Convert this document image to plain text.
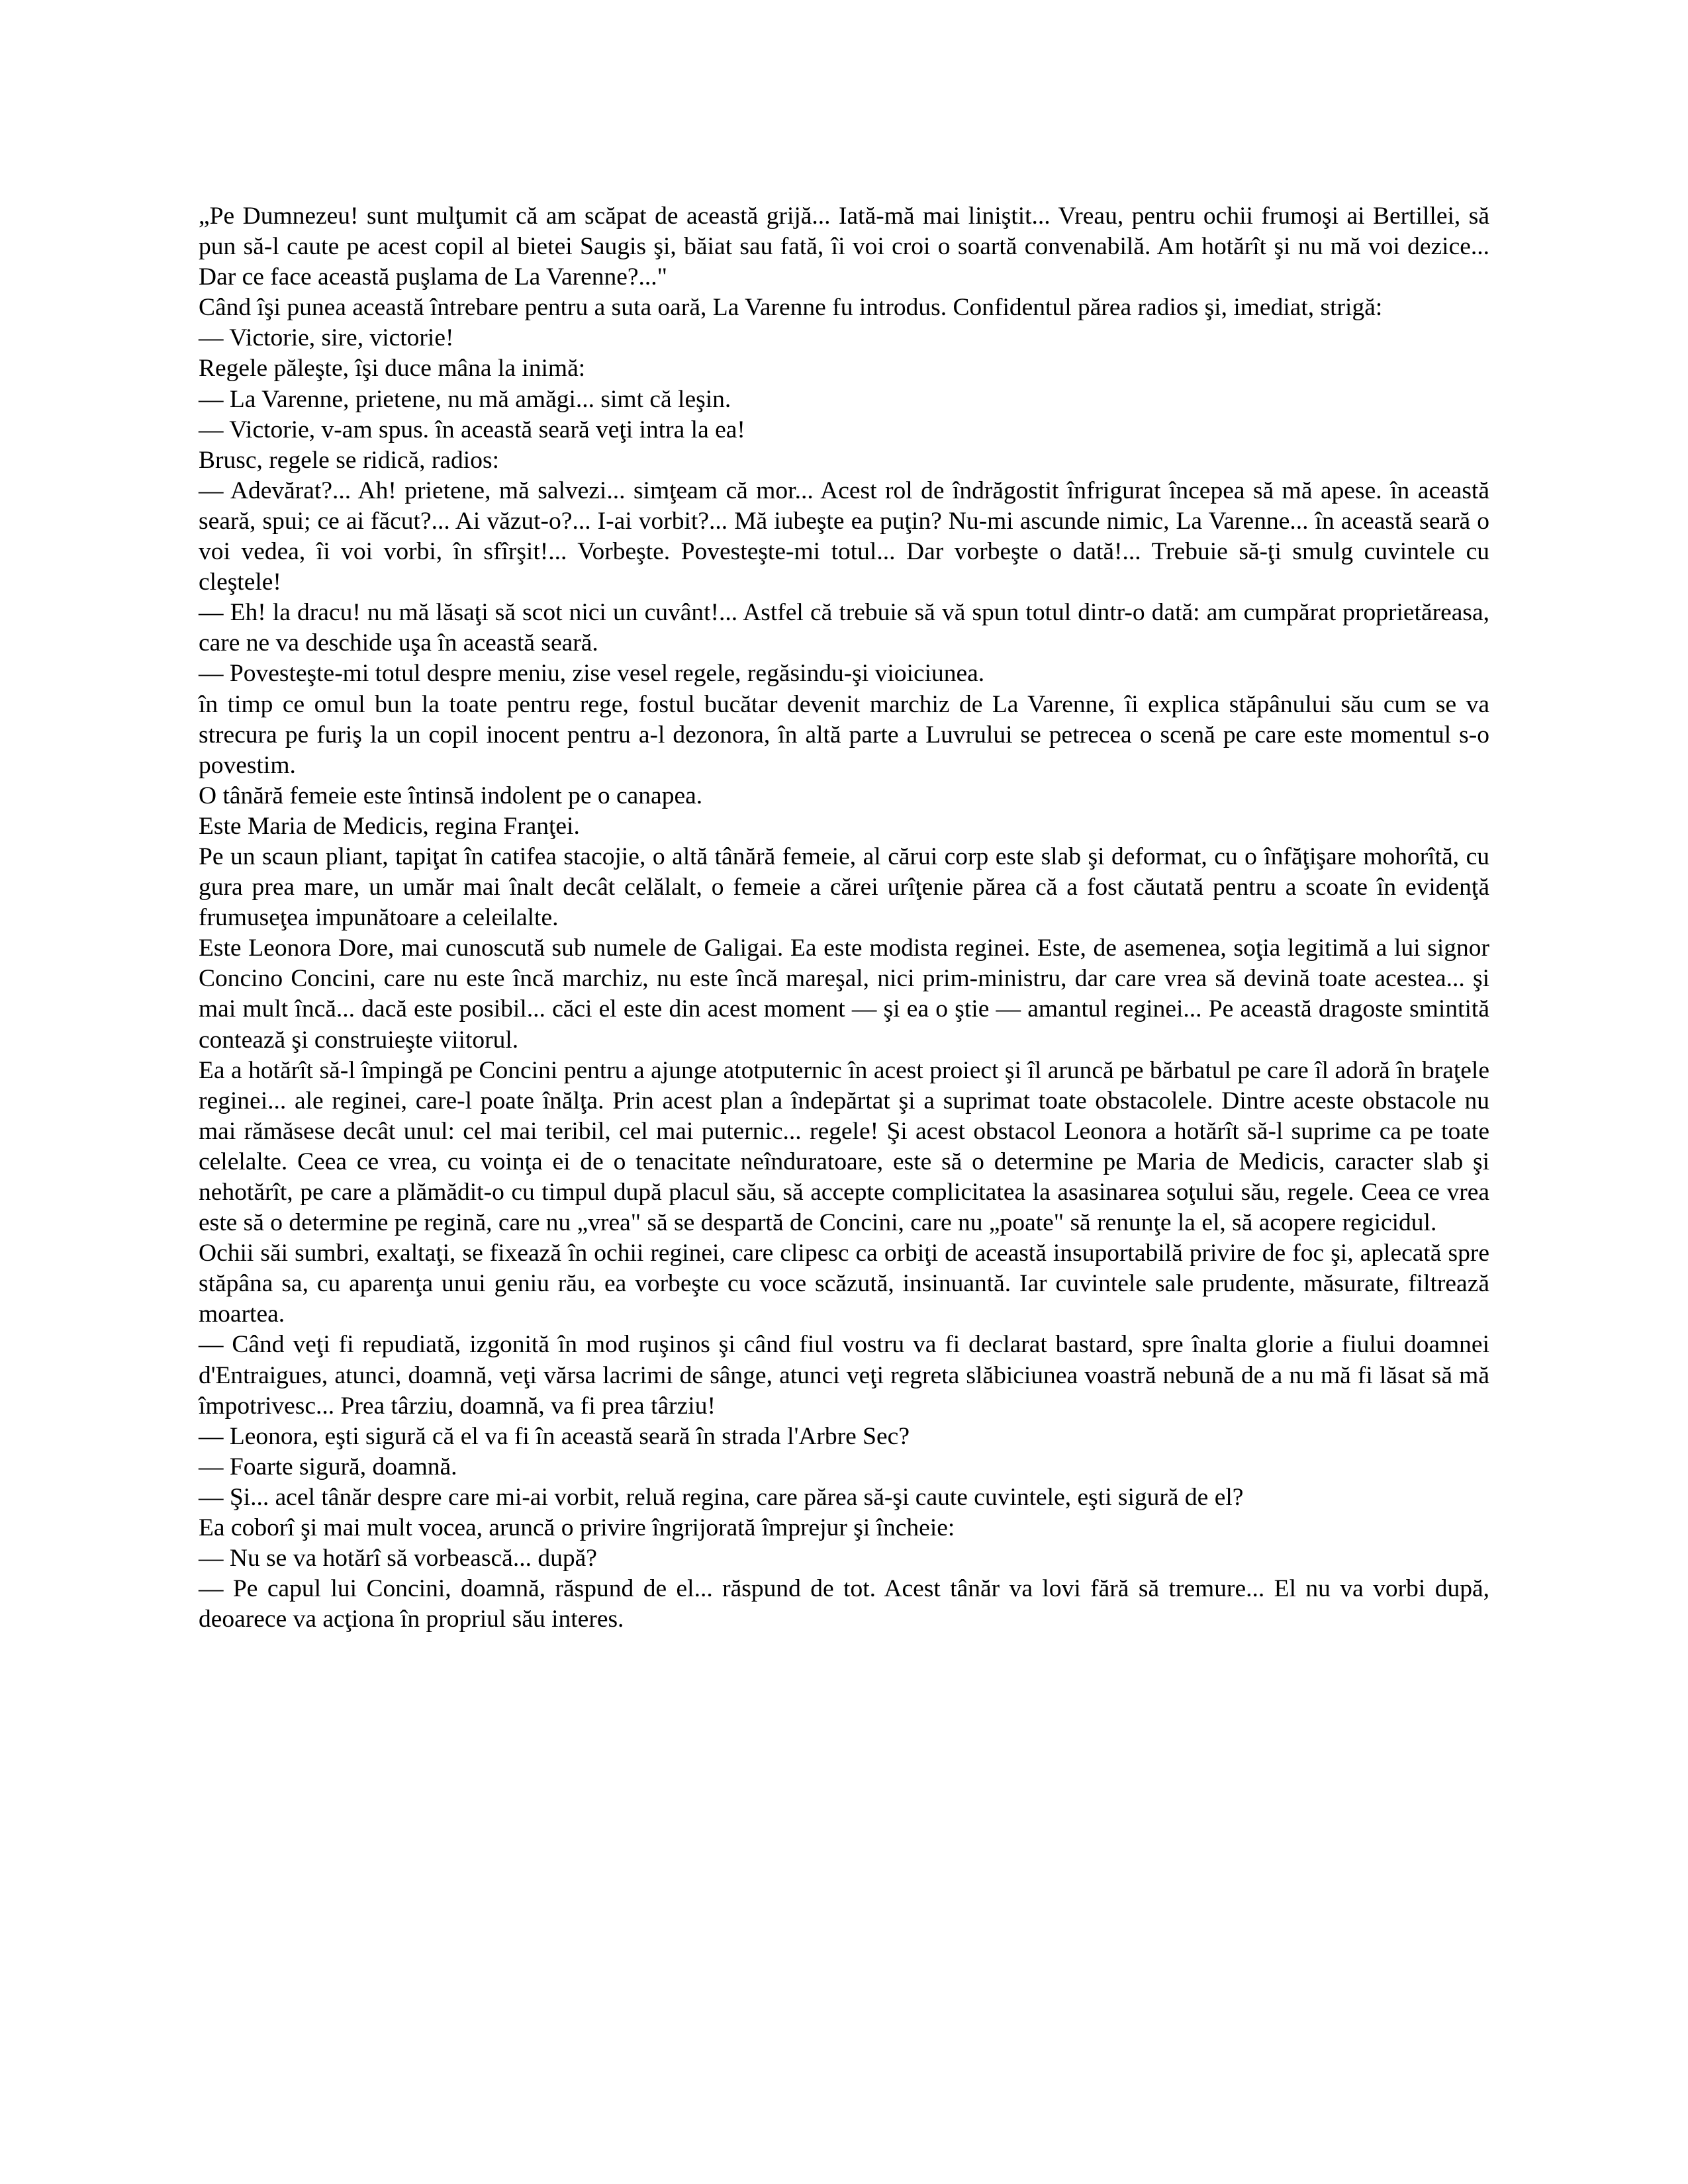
„Pe Dumnezeu! sunt mulţumit că am scăpat de această grijă... Iată-mă mai liniştit... Vreau, pentru ochii frumoşi ai Bertillei, să pun să-l caute pe acest copil al bietei Saugis şi, băiat sau fată, îi voi croi o soartă convenabilă. Am hotărît şi nu mă voi dezice... Dar ce face această puşlama de La Varenne?..."

Când îşi punea această întrebare pentru a suta oară, La Varenne fu introdus. Confidentul părea radios şi, imediat, strigă:

— Victorie, sire, victorie!

Regele păleşte, îşi duce mâna la inimă:

— La Varenne, prietene, nu mă amăgi... simt că leşin.

— Victorie, v-am spus. în această seară veţi intra la ea!

Brusc, regele se ridică, radios:

— Adevărat?... Ah! prietene, mă salvezi... simţeam că mor... Acest rol de îndrăgostit înfrigurat începea să mă apese. în această seară, spui; ce ai făcut?... Ai văzut-o?... I-ai vorbit?... Mă iubeşte ea puţin? Nu-mi ascunde nimic, La Varenne... în această seară o voi vedea, îi voi vorbi, în sfîrşit!... Vorbeşte. Povesteşte-mi totul... Dar vorbeşte o dată!... Trebuie să-ţi smulg cuvintele cu cleştele!

— Eh! la dracu! nu mă lăsaţi să scot nici un cuvânt!... Astfel că trebuie să vă spun totul dintr-o dată: am cumpărat proprietăreasa, care ne va deschide uşa în această seară.

— Povesteşte-mi totul despre meniu, zise vesel regele, regăsindu-şi vioiciunea.

în timp ce omul bun la toate pentru rege, fostul bucătar devenit marchiz de La Varenne, îi explica stăpânului său cum se va strecura pe furiş la un copil inocent pentru a-l dezonora, în altă parte a Luvrului se petrecea o scenă pe care este momentul s-o povestim.

O tânără femeie este întinsă indolent pe o canapea.

Este Maria de Medicis, regina Franţei.

Pe un scaun pliant, tapiţat în catifea stacojie, o altă tânără femeie, al cărui corp este slab şi deformat, cu o înfăţişare mohorîtă, cu gura prea mare, un umăr mai înalt decât celălalt, o femeie a cărei urîţenie părea că a fost căutată pentru a scoate în evidenţă frumuseţea impunătoare a celeilalte.

Este Leonora Dore, mai cunoscută sub numele de Galigai. Ea este modista reginei. Este, de asemenea, soţia legitimă a lui signor Concino Concini, care nu este încă marchiz, nu este încă mareşal, nici prim-ministru, dar care vrea să devină toate acestea... şi mai mult încă... dacă este posibil... căci el este din acest moment — şi ea o ştie — amantul reginei... Pe această dragoste smintită contează şi construieşte viitorul.

Ea a hotărît să-l împingă pe Concini pentru a ajunge atotputernic în acest proiect şi îl aruncă pe bărbatul pe care îl adoră în braţele reginei... ale reginei, care-l poate înălţa. Prin acest plan a îndepărtat şi a suprimat toate obstacolele. Dintre aceste obstacole nu mai rămăsese decât unul: cel mai teribil, cel mai puternic... regele! Şi acest obstacol Leonora a hotărît să-l suprime ca pe toate celelalte. Ceea ce vrea, cu voinţa ei de o tenacitate neînduratoare, este să o determine pe Maria de Medicis, caracter slab şi nehotărît, pe care a plămădit-o cu timpul după placul său, să accepte complicitatea la asasinarea soţului său, regele. Ceea ce vrea este să o determine pe regină, care nu „vrea" să se despartă de Concini, care nu „poate" să renunţe la el, să acopere regicidul.

Ochii săi sumbri, exaltaţi, se fixează în ochii reginei, care clipesc ca orbiţi de această insuportabilă privire de foc şi, aplecată spre stăpâna sa, cu aparenţa unui geniu rău, ea vorbeşte cu voce scăzută, insinuantă. Iar cuvintele sale prudente, măsurate, filtrează moartea.

— Când veţi fi repudiată, izgonită în mod ruşinos şi când fiul vostru va fi declarat bastard, spre înalta glorie a fiului doamnei d'Entraigues, atunci, doamnă, veţi vărsa lacrimi de sânge, atunci veţi regreta slăbiciunea voastră nebună de a nu mă fi lăsat să mă împotrivesc... Prea târziu, doamnă, va fi prea târziu!

— Leonora, eşti sigură că el va fi în această seară în strada l'Arbre Sec?

— Foarte sigură, doamnă.

— Şi... acel tânăr despre care mi-ai vorbit, reluă regina, care părea să-şi caute cuvintele, eşti sigură de el?

Ea coborî şi mai mult vocea, aruncă o privire îngrijorată împrejur şi încheie:

— Nu se va hotărî să vorbească... după?

— Pe capul lui Concini, doamnă, răspund de el... răspund de tot. Acest tânăr va lovi fără să tremure... El nu va vorbi după, deoarece va acţiona în propriul său interes.
